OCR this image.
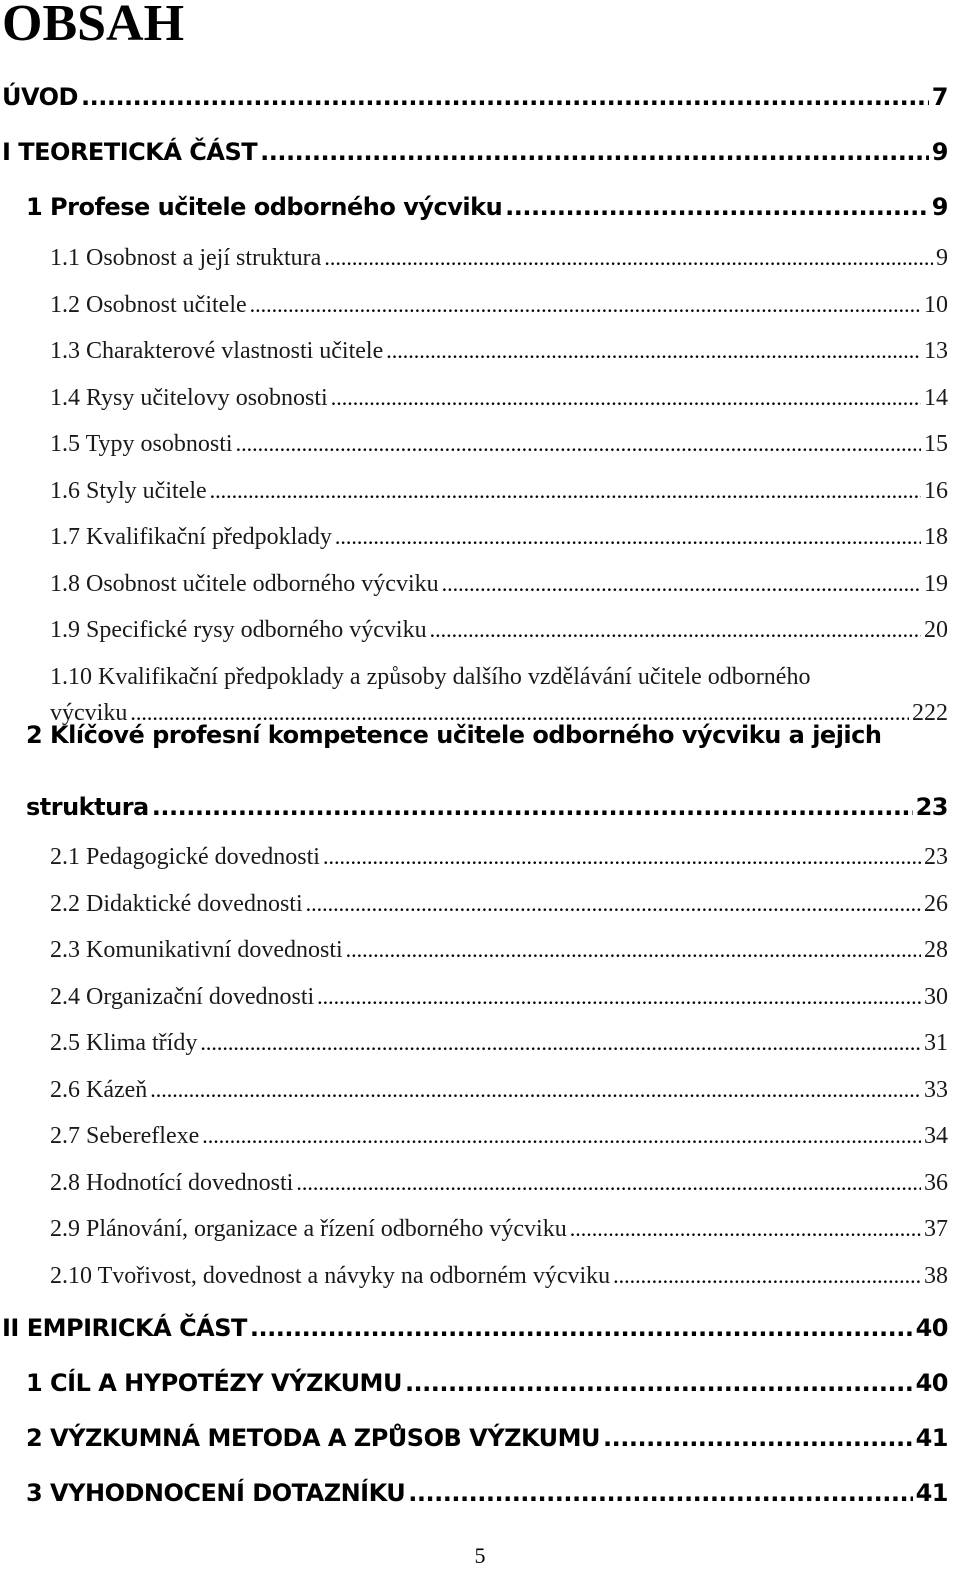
OBSAH
ÚVOD .....	7
I TEORETICKÁ ČÁST .....	9
1 Profese učitele odborného výcviku .....	9
1.1 Osobnost a její struktura .....	9
1.2 Osobnost učitele .....	10
1.3 Charakterové vlastnosti učitele .....	13
1.4 Rysy učitelovy osobnosti .....	14
1.5 Typy osobnosti .....	15
1.6 Styly učitele .....	16
1.7 Kvalifikační předpoklady .....	18
1.8 Osobnost učitele odborného výcviku .....	19
1.9 Specifické rysy odborného výcviku .....	20
1.10 Kvalifikační předpoklady a způsoby dalšího vzdělávání učitele odborného
výcviku .....	222
2 Klíčové profesní kompetence učitele odborného výcviku a jejich
struktura .....	23
2.1 Pedagogické dovednosti .....	23
2.2 Didaktické dovednosti .....	26
2.3 Komunikativní dovednosti .....	28
2.4 Organizační dovednosti .....	30
2.5 Klima třídy .....	31
2.6 Kázeň .....	33
2.7 Sebereflexe .....	34
2.8 Hodnotící dovednosti .....	36
2.9 Plánování, organizace a řízení odborného výcviku .....	37
2.10 Tvořivost, dovednost a návyky na odborném výcviku .....	38
II EMPIRICKÁ ČÁST .....	40
1 CÍL A HYPOTÉZY VÝZKUMU .....	40
2 VÝZKUMNÁ METODA A ZPŮSOB VÝZKUMU .....	41
3 VYHODNOCENÍ DOTAZNÍKU .....	41
5
